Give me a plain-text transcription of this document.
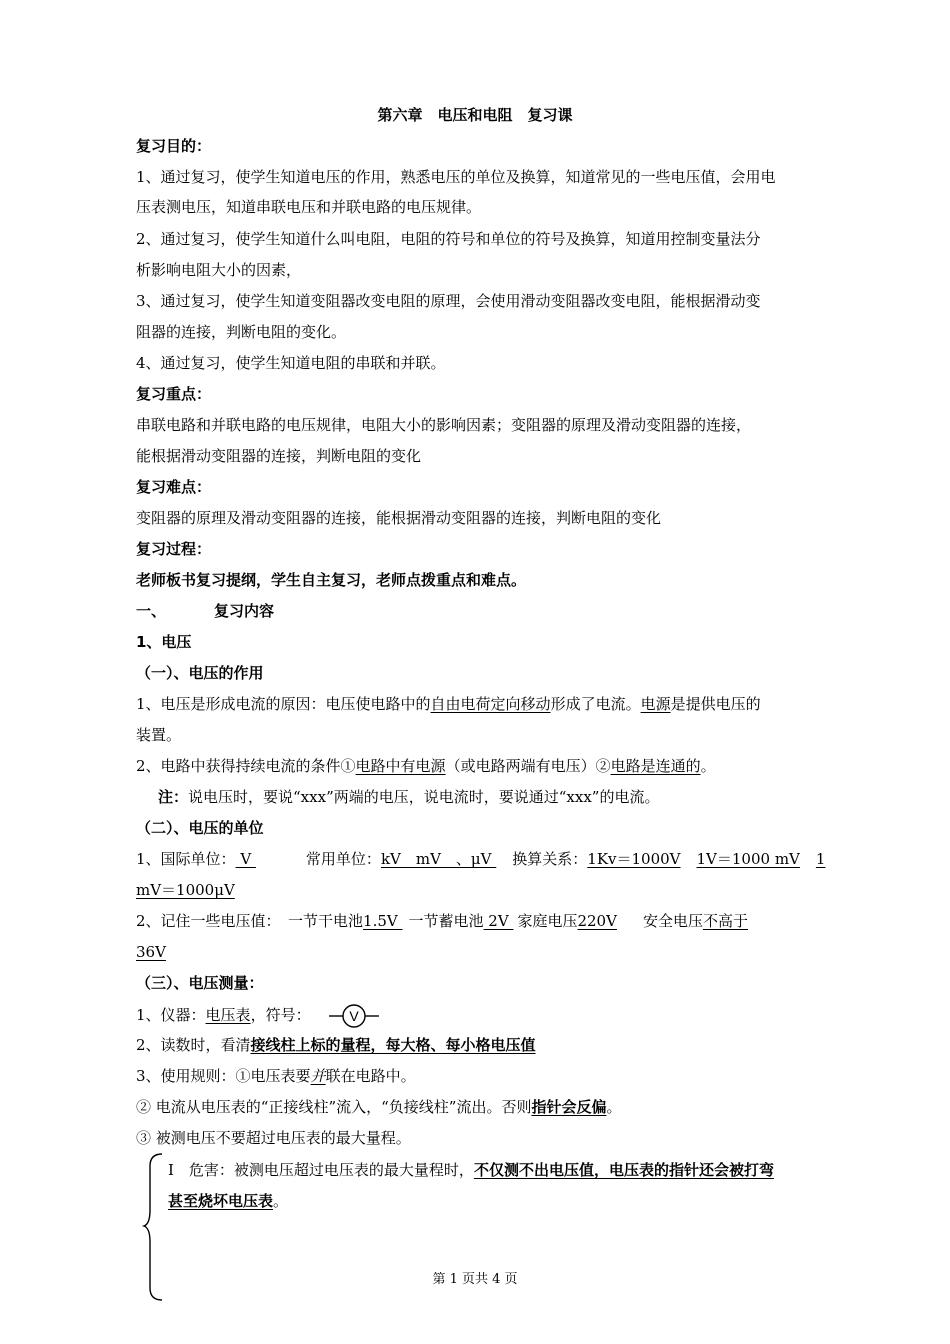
第六章　电压和电阻　复习课
复习目的：
1、通过复习，使学生知道电压的作用，熟悉电压的单位及换算，知道常见的一些电压值，会用电
压表测电压，知道串联电压和并联电路的电压规律。
2、通过复习，使学生知道什么叫电阻，电阻的符号和单位的符号及换算，知道用控制变量法分
析影响电阻大小的因素，
3、通过复习，使学生知道变阻器改变电阻的原理，会使用滑动变阻器改变电阻，能根据滑动变
阻器的连接，判断电阻的变化。
4、通过复习，使学生知道电阻的串联和并联。
复习重点：
串联电路和并联电路的电压规律，电阻大小的影响因素；变阻器的原理及滑动变阻器的连接，
能根据滑动变阻器的连接，判断电阻的变化
复习难点：
变阻器的原理及滑动变阻器的连接，能根据滑动变阻器的连接，判断电阻的变化
复习过程：
老师板书复习提纲，学生自主复习，老师点拨重点和难点。
一、	复习内容
1、电压
（一）、电压的作用
1、电压是形成电流的原因：电压使电路中的自由电荷定向移动形成了电流。电源是提供电压的
装置。
2、电路中获得持续电流的条件①电路中有电源（或电路两端有电压）②电路是连通的。
注：说电压时，要说“xxx”两端的电压，说电流时，要说通过“xxx”的电流。
（二）、电压的单位
1、国际单位： V	常用单位：kV　mV　、μV 换算关系：1Kv＝1000V 1V＝1000 mV 1
mV＝1000μV
2、记住一些电压值：　一节干电池1.5V 一节蓄电池 2V 家庭电压220V 安全电压不高于
36V
（三）、电压测量：
1、仪器：电压表，符号：	V
2、读数时，看清接线柱上标的量程，每大格、每小格电压值
3、使用规则：①电压表要并联在电路中。
② 电流从电压表的“正接线柱”流入，“负接线柱”流出。否则指针会反偏。
③ 被测电压不要超过电压表的最大量程。
Ⅰ　危害：被测电压超过电压表的最大量程时，不仅测不出电压值，电压表的指针还会被打弯
甚至烧坏电压表。
第 1 页共 4 页
